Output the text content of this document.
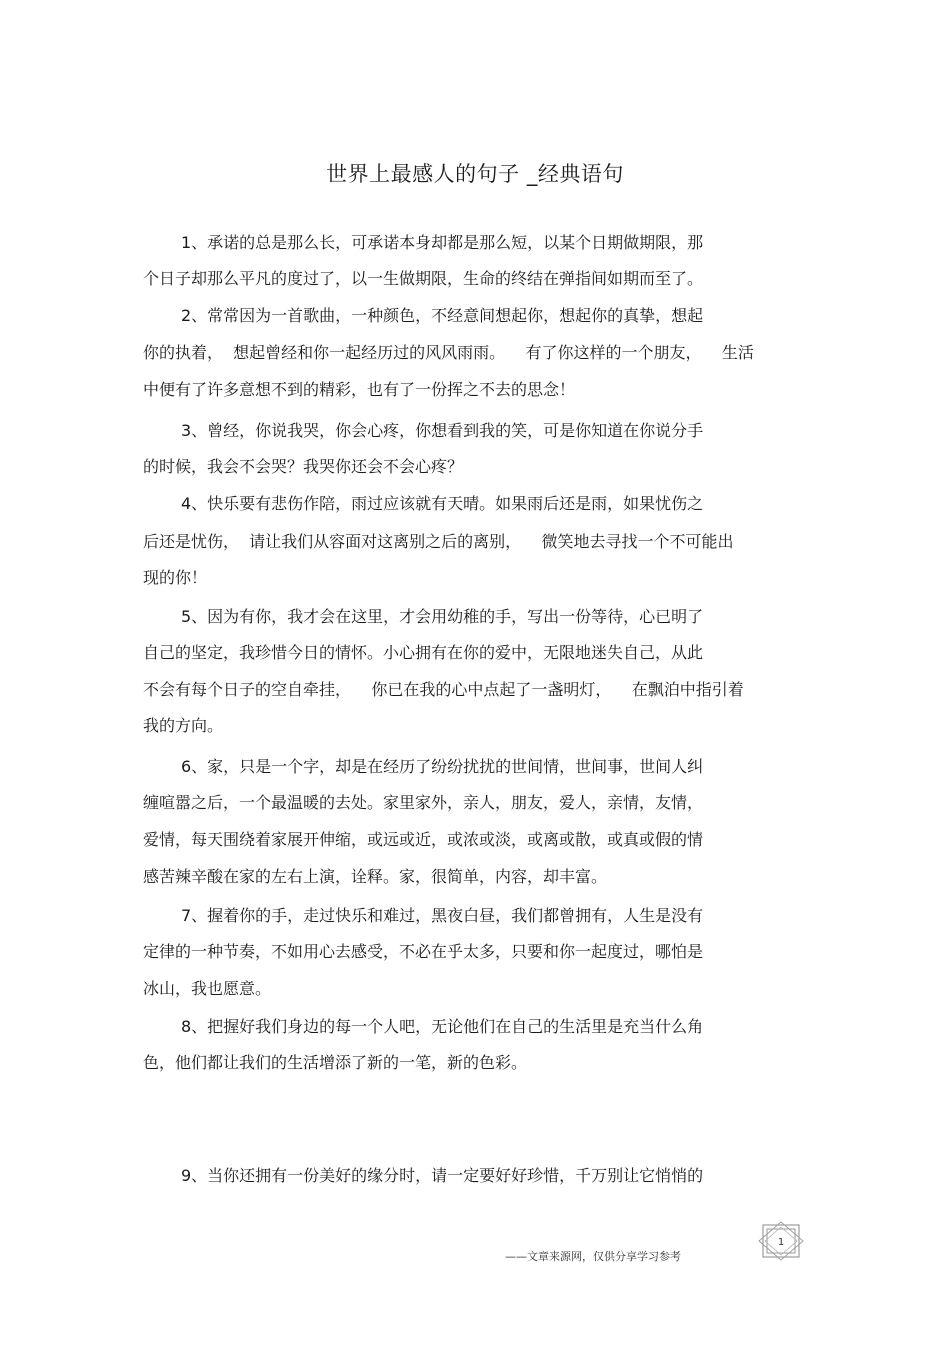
世界上最感人的句子 _经典语句
1、承诺的总是那么长，可承诺本身却都是那么短，以某个日期做期限，那
个日子却那么平凡的度过了，以一生做期限，生命的终结在弹指间如期而至了。
2、常常因为一首歌曲，一种颜色，不经意间想起你，想起你的真挚，想起
你的执着，  想起曾经和你一起经历过的风风雨雨。    有了你这样的一个朋友，    生活
中便有了许多意想不到的精彩，也有了一份挥之不去的思念！
3、曾经，你说我哭，你会心疼，你想看到我的笑，可是你知道在你说分手
的时候，我会不会哭？我哭你还会不会心疼？
4、快乐要有悲伤作陪，雨过应该就有天晴。如果雨后还是雨，如果忧伤之
后还是忧伤，  请让我们从容面对这离别之后的离别，    微笑地去寻找一个不可能出
现的你！
5、因为有你，我才会在这里，才会用幼稚的手，写出一份等待，心已明了
自己的坚定，我珍惜今日的情怀。小心拥有在你的爱中，无限地迷失自己，从此
不会有每个日子的空自牵挂，    你已在我的心中点起了一盏明灯，    在飘泊中指引着
我的方向。
6、家，只是一个字，却是在经历了纷纷扰扰的世间情，世间事，世间人纠
缠喧嚣之后，一个最温暖的去处。家里家外，亲人，朋友，爱人，亲情，友情，
爱情，每天围绕着家展开伸缩，或远或近，或浓或淡，或离或散，或真或假的情
感苦辣辛酸在家的左右上演，诠释。家，很简单，内容，却丰富。
7、握着你的手，走过快乐和难过，黑夜白昼，我们都曾拥有，人生是没有
定律的一种节奏，不如用心去感受，不必在乎太多，只要和你一起度过，哪怕是
冰山，我也愿意。
8、把握好我们身边的每一个人吧，无论他们在自己的生活里是充当什么角
色，他们都让我们的生活增添了新的一笔，新的色彩。
9、当你还拥有一份美好的缘分时，请一定要好好珍惜，千万别让它悄悄的
1
——文章来源网，仅供分享学习参考
